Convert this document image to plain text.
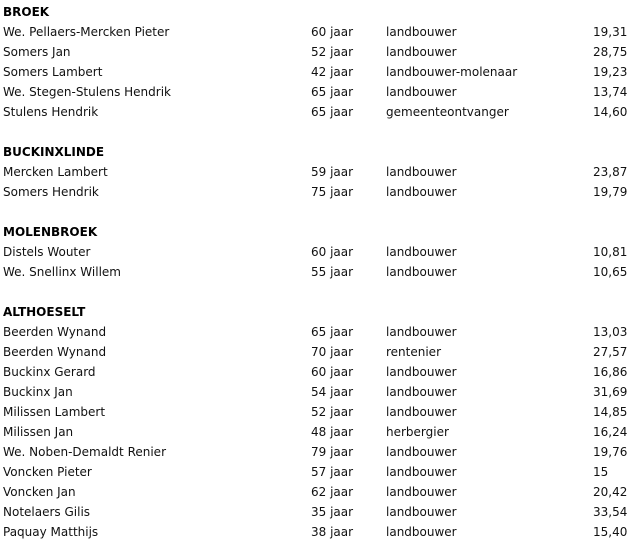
BROEK
We. Pellaers-Mercken Pieter	60 jaar	landbouwer	19,31
Somers Jan	52 jaar	landbouwer	28,75
Somers Lambert	42 jaar	landbouwer-molenaar	19,23
We. Stegen-Stulens Hendrik	65 jaar	landbouwer	13,74
Stulens Hendrik	65 jaar	gemeenteontvanger	14,60
BUCKINXLINDE
Mercken Lambert	59 jaar	landbouwer	23,87
Somers Hendrik	75 jaar	landbouwer	19,79
MOLENBROEK
Distels Wouter	60 jaar	landbouwer	10,81
We. Snellinx Willem	55 jaar	landbouwer	10,65
ALTHOESELT
Beerden Wynand	65 jaar	landbouwer	13,03
Beerden Wynand	70 jaar	rentenier	27,57
Buckinx Gerard	60 jaar	landbouwer	16,86
Buckinx Jan	54 jaar	landbouwer	31,69
Milissen Lambert	52 jaar	landbouwer	14,85
Milissen Jan	48 jaar	herbergier	16,24
We. Noben-Demaldt Renier	79 jaar	landbouwer	19,76
Voncken Pieter	57 jaar	landbouwer	15
Voncken Jan	62 jaar	landbouwer	20,42
Notelaers Gilis	35 jaar	landbouwer	33,54
Paquay Matthijs	38 jaar	landbouwer	15,40
